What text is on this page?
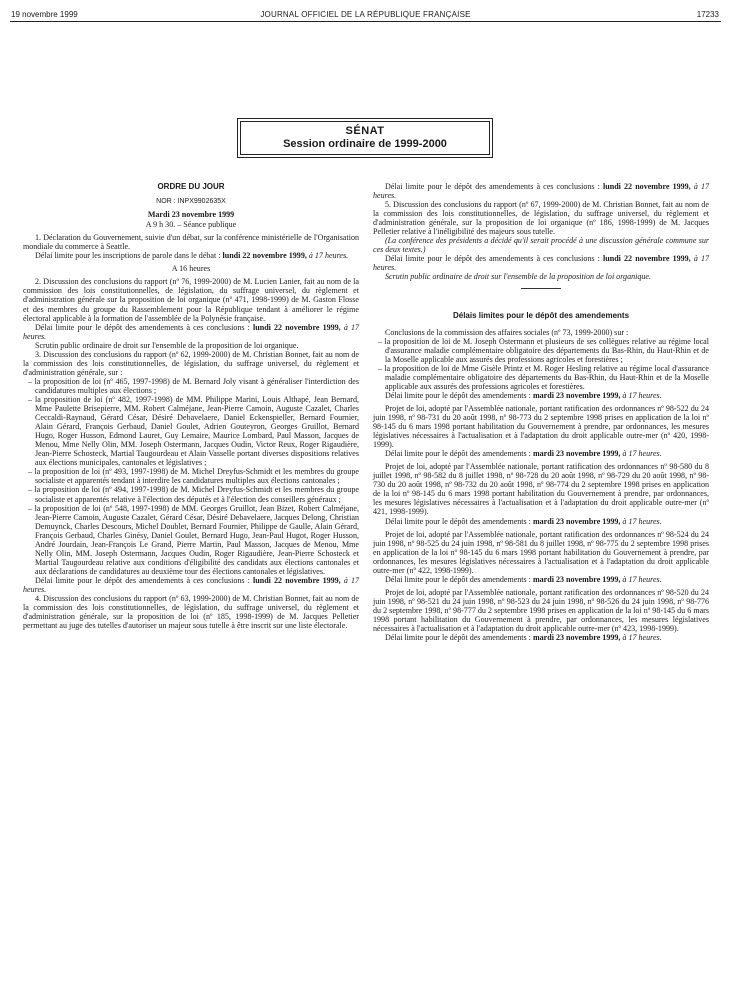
19 novembre 1999	JOURNAL OFFICIEL DE LA RÉPUBLIQUE FRANÇAISE	17233
SÉNAT
Session ordinaire de 1999-2000
ORDRE DU JOUR
NOR : INPX9902635X
Mardi 23 novembre 1999

A 9 h 30. – Séance publique

1. Déclaration du Gouvernement, suivie d'un débat, sur la conférence ministérielle de l'Organisation mondiale du commerce à Seattle.

Délai limite pour les inscriptions de parole dans le débat : lundi 22 novembre 1999, à 17 heures.

A 16 heures

2. Discussion des conclusions du rapport (nº 76, 1999-2000) de M. Lucien Lanier, fait au nom de la commission des lois constitutionnelles, de législation, du suffrage universel, du règlement et d'administration générale sur la proposition de loi organique (nº 471, 1998-1999) de M. Gaston Flosse et des membres du groupe du Rassemblement pour la République tendant à améliorer le régime électoral applicable à la formation de l'assemblée de la Polynésie française.

Délai limite pour le dépôt des amendements à ces conclusions : lundi 22 novembre 1999, à 17 heures.

Scrutin public ordinaire de droit sur l'ensemble de la proposition de loi organique.

3. Discussion des conclusions du rapport (nº 62, 1999-2000) de M. Christian Bonnet, fait au nom de la commission des lois constitutionnelles, de législation, du suffrage universel, du règlement et d'administration générale, sur :

– la proposition de loi (nº 465, 1997-1998) de M. Bernard Joly visant à généraliser l'interdiction des candidatures multiples aux élections ;
– la proposition de loi (nº 482, 1997-1998) de MM. Philippe Marini, Louis Althapé, Jean Bernard, Mme Paulette Brisepierre, MM. Robert Calméjane, Jean-Pierre Camoin, Auguste Cazalet, Charles Ceccaldi-Raynaud, Gérard César, Désiré Debavelaere, Daniel Eckenspieller, Bernard Fournier, Alain Gérard, François Gerbaud, Daniel Goulet, Adrien Gouteyron, Georges Gruillot, Bernard Hugo, Roger Husson, Edmond Lauret, Guy Lemaire, Maurice Lombard, Paul Masson, Jacques de Menou, Mme Nelly Olin, MM. Joseph Ostermann, Jacques Oudin, Victor Reux, Roger Rigaudière, Jean-Pierre Schosteck, Martial Taugourdeau et Alain Vasselle portant diverses dispositions relatives aux élections municipales, cantonales et législatives ;
– la proposition de loi (nº 493, 1997-1998) de M. Michel Dreyfus-Schmidt et les membres du groupe socialiste et apparentés tendant à interdire les candidatures multiples aux élections cantonales ;
– la proposition de loi (nº 494, 1997-1998) de M. Michel Dreyfus-Schmidt et les membres du groupe socialiste et apparentés relative à l'élection des députés et à l'élection des conseillers généraux ;
– la proposition de loi (nº 548, 1997-1998) de MM. Georges Gruillot, Jean Bizet, Robert Calméjane, Jean-Pierre Camoin, Auguste Cazalet, Gérard César, Désiré Debavelaere, Jacques Delong, Christian Demuynck, Charles Descours, Michel Doublet, Bernard Fournier, Philippe de Gaulle, Alain Gérard, François Gerbaud, Charles Ginésy, Daniel Goulet, Bernard Hugo, Jean-Paul Hugot, Roger Husson, André Jourdain, Jean-François Le Grand, Pierre Martin, Paul Masson, Jacques de Menou, Mme Nelly Olin, MM. Joseph Ostermann, Jacques Oudin, Roger Rigaudière, Jean-Pierre Schosteck et Martial Taugourdeau relative aux conditions d'éligibilité des candidats aux élections cantonales et aux déclarations de candidatures au deuxième tour des élections cantonales et législatives.

Délai limite pour le dépôt des amendements à ces conclusions : lundi 22 novembre 1999, à 17 heures.

4. Discussion des conclusions du rapport (nº 63, 1999-2000) de M. Christian Bonnet, fait au nom de la commission des lois constitutionnelles, de législation, du suffrage universel, du règlement et d'administration générale, sur la proposition de loi (nº 185, 1998-1999) de M. Jacques Pelletier permettant au juge des tutelles d'autoriser un majeur sous tutelle à être inscrit sur une liste électorale.

Délai limite pour le dépôt des amendements à ces conclusions : lundi 22 novembre 1999, à 17 heures.

5. Discussion des conclusions du rapport (nº 67, 1999-2000) de M. Christian Bonnet, fait au nom de la commission des lois constitutionnelles, de législation, du suffrage universel, du règlement et d'administration générale, sur la proposition de loi organique (nº 186, 1998-1999) de M. Jacques Pelletier relative à l'inéligibilité des majeurs sous tutelle.

(La conférence des présidents a décidé qu'il serait procédé à une discussion générale commune sur ces deux textes.)

Délai limite pour le dépôt des amendements à ces conclusions : lundi 22 novembre 1999, à 17 heures.

Scrutin public ordinaire de droit sur l'ensemble de la proposition de loi organique.

Délais limites pour le dépôt des amendements

Conclusions de la commission des affaires sociales (nº 73, 1999-2000) sur :

– la proposition de loi de M. Joseph Ostermann et plusieurs de ses collègues relative au régime local d'assurance maladie complémentaire obligatoire des départements du Bas-Rhin, du Haut-Rhin et de la Moselle applicable aux assurés des professions agricoles et forestières ;
– la proposition de loi de Mme Gisèle Printz et M. Roger Hesling relative au régime local d'assurance maladie complémentaire obligatoire des départements du Bas-Rhin, du Haut-Rhin et de la Moselle applicable aux assurés des professions agricoles et forestières.

Délai limite pour le dépôt des amendements : mardi 23 novembre 1999, à 17 heures.

Projet de loi, adopté par l'Assemblée nationale, portant ratification des ordonnances nº 98-522 du 24 juin 1998, nº 98-731 du 20 août 1998, nº 98-773 du 2 septembre 1998 prises en application de la loi nº 98-145 du 6 mars 1998 portant habilitation du Gouvernement à prendre, par ordonnances, les mesures législatives nécessaires à l'actualisation et à l'adaptation du droit applicable outre-mer (nº 420, 1998-1999).

Délai limite pour le dépôt des amendements : mardi 23 novembre 1999, à 17 heures.

Projet de loi, adopté par l'Assemblée nationale, portant ratification des ordonnances nº 98-580 du 8 juillet 1998, nº 98-582 du 8 juillet 1998, nº 98-728 du 20 août 1998, nº 98-729 du 20 août 1998, nº 98-730 du 20 août 1998, nº 98-732 du 20 août 1998, nº 98-774 du 2 septembre 1998 prises en application de la loi nº 98-145 du 6 mars 1998 portant habilitation du Gouvernement à prendre, par ordonnances, les mesures législatives nécessaires à l'actualisation et à l'adaptation du droit applicable outre-mer (nº 421, 1998-1999).

Délai limite pour le dépôt des amendements : mardi 23 novembre 1999, à 17 heures.

Projet de loi, adopté par l'Assemblée nationale, portant ratification des ordonnances nº 98-524 du 24 juin 1998, nº 98-525 du 24 juin 1998, nº 98-581 du 8 juillet 1998, nº 98-775 du 2 septembre 1998 prises en application de la loi nº 98-145 du 6 mars 1998 portant habilitation du Gouvernement à prendre, par ordonnances, les mesures législatives nécessaires à l'actualisation et à l'adaptation du droit applicable outre-mer (nº 422, 1998-1999).

Délai limite pour le dépôt des amendements : mardi 23 novembre 1999, à 17 heures.

Projet de loi, adopté par l'Assemblée nationale, portant ratification des ordonnances nº 98-520 du 24 juin 1998, nº 98-521 du 24 juin 1998, nº 98-523 du 24 juin 1998, nº 98-526 du 24 juin 1998, nº 98-776 du 2 septembre 1998, nº 98-777 du 2 septembre 1998 prises en application de la loi nº 98-145 du 6 mars 1998 portant habilitation du Gouvernement à prendre, par ordonnances, les mesures législatives nécessaires à l'actualisation et à l'adaptation du droit applicable outre-mer (nº 423, 1998-1999).

Délai limite pour le dépôt des amendements : mardi 23 novembre 1999, à 17 heures.
